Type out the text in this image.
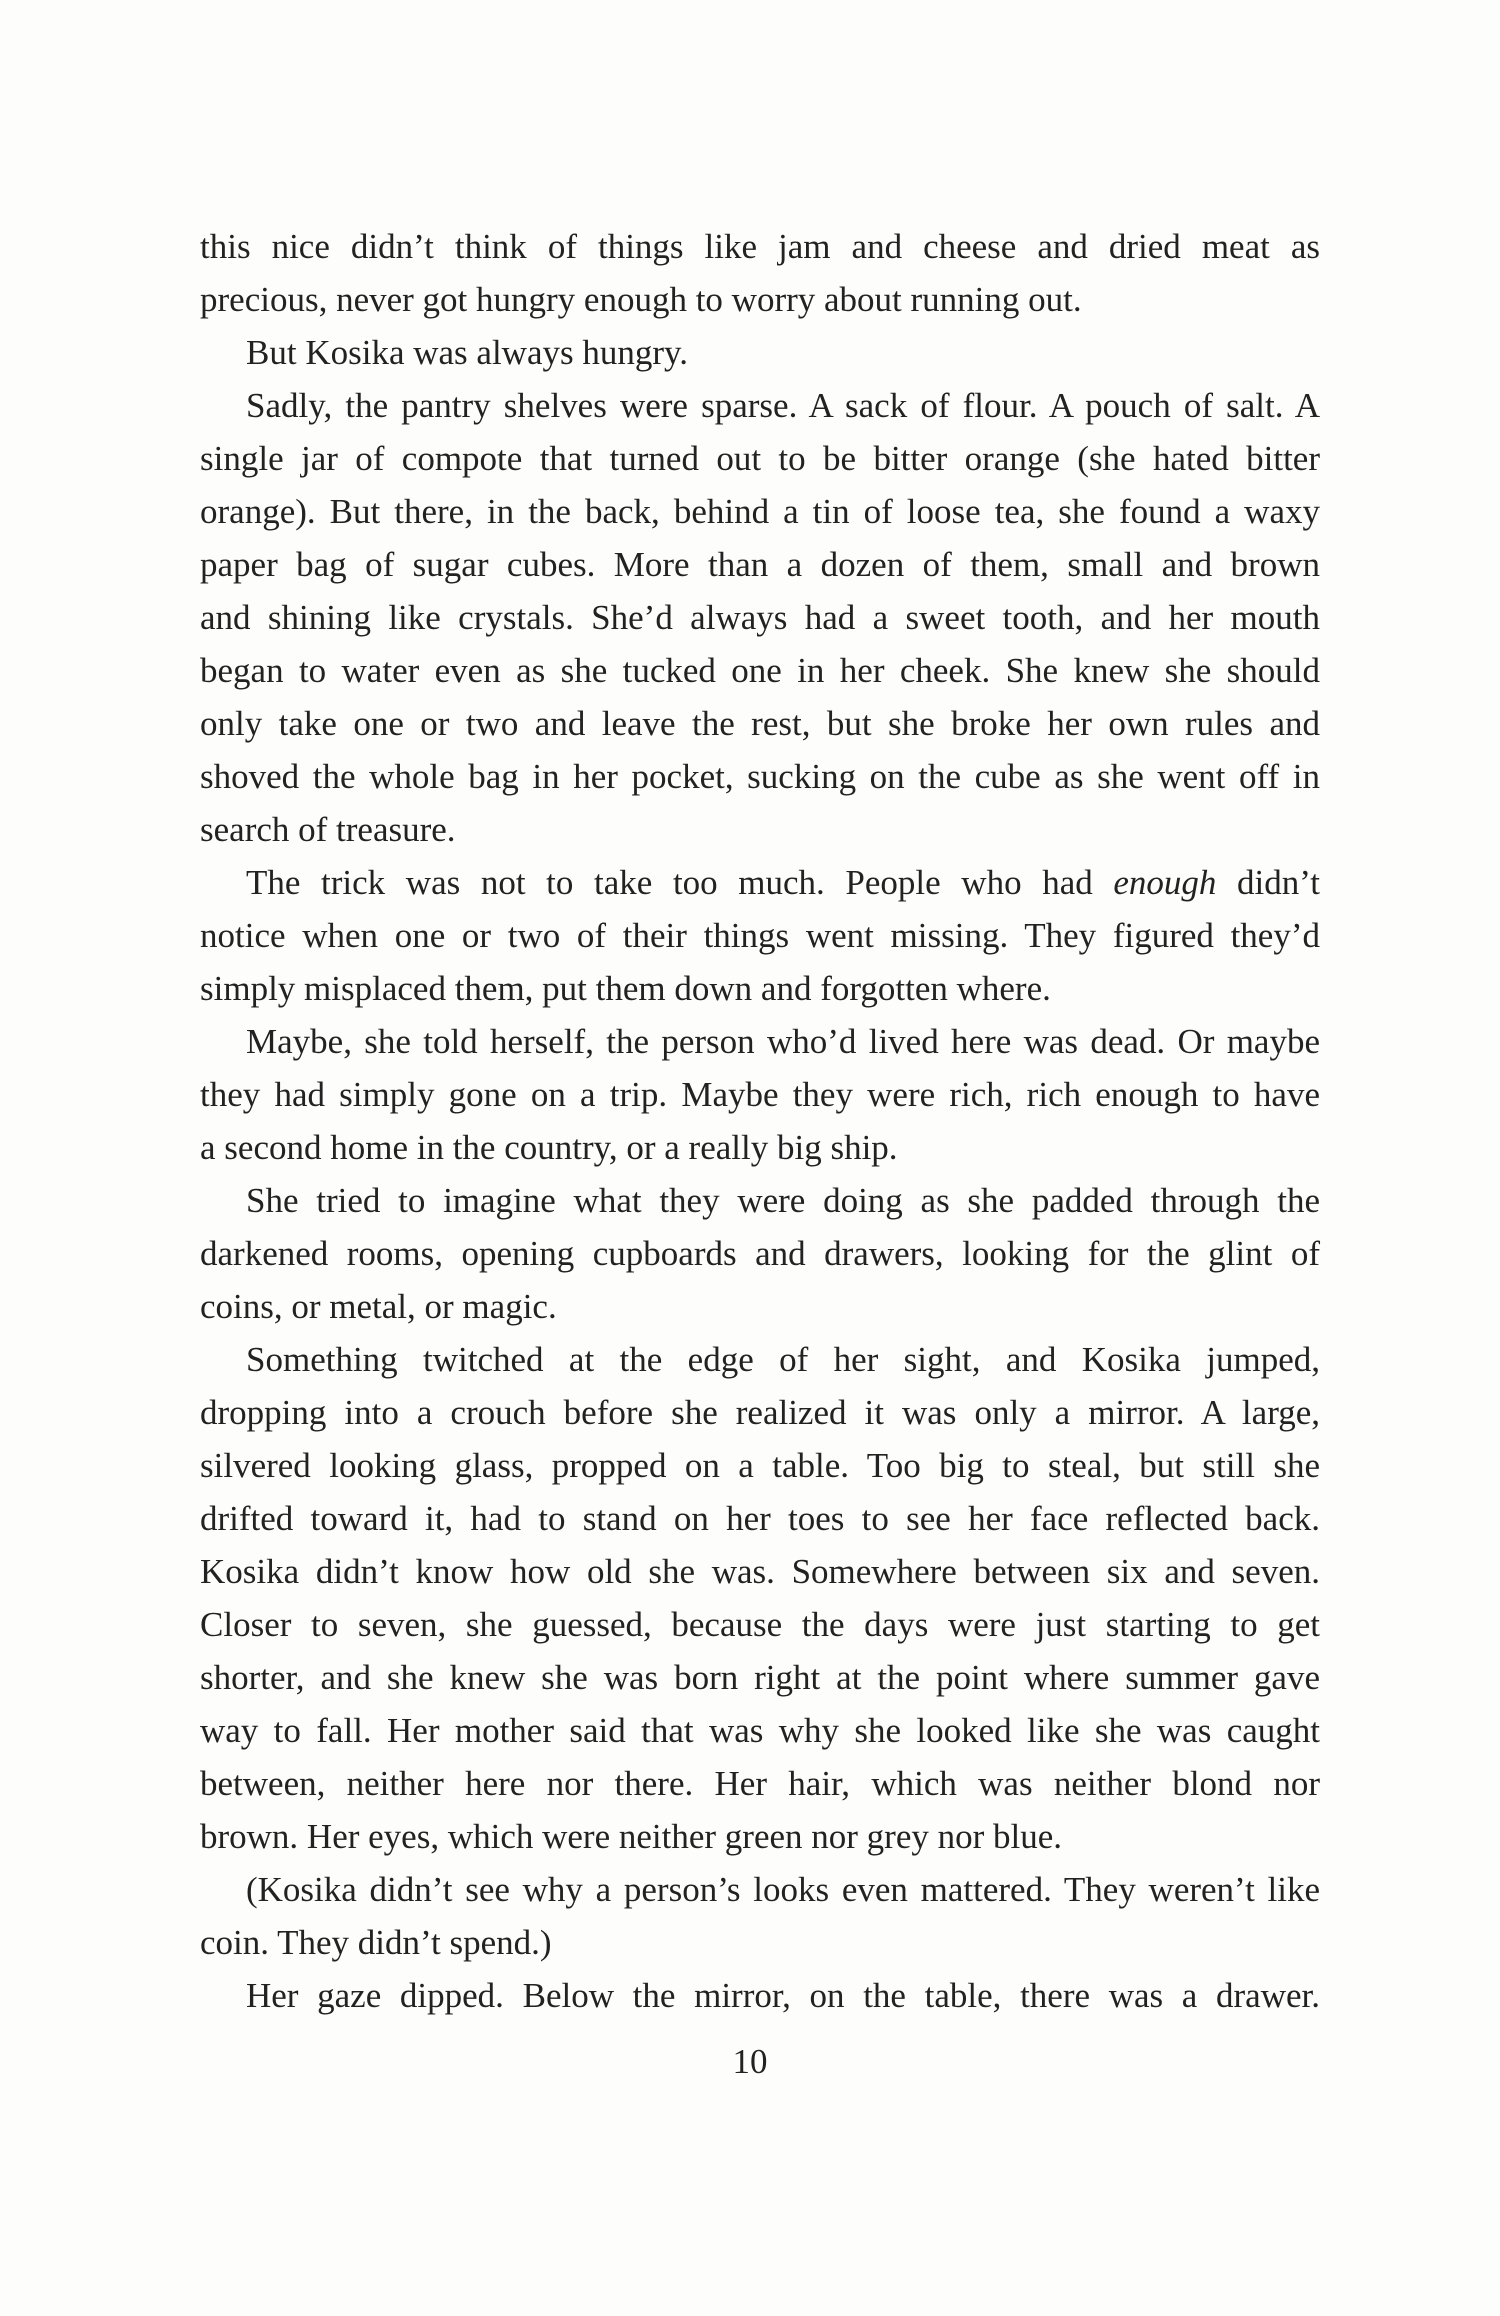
this nice didn’t think of things like jam and cheese and dried meat as
precious, never got hungry enough to worry about running out.
But Kosika was always hungry.
Sadly, the pantry shelves were sparse. A sack of flour. A pouch of salt. A
single jar of compote that turned out to be bitter orange (she hated bitter
orange). But there, in the back, behind a tin of loose tea, she found a waxy
paper bag of sugar cubes. More than a dozen of them, small and brown
and shining like crystals. She’d always had a sweet tooth, and her mouth
began to water even as she tucked one in her cheek. She knew she should
only take one or two and leave the rest, but she broke her own rules and
shoved the whole bag in her pocket, sucking on the cube as she went off in
search of treasure.
The trick was not to take too much. People who had enough didn’t
notice when one or two of their things went missing. They figured they’d
simply misplaced them, put them down and forgotten where.
Maybe, she told herself, the person who’d lived here was dead. Or maybe
they had simply gone on a trip. Maybe they were rich, rich enough to have
a second home in the country, or a really big ship.
She tried to imagine what they were doing as she padded through the
darkened rooms, opening cupboards and drawers, looking for the glint of
coins, or metal, or magic.
Something twitched at the edge of her sight, and Kosika jumped,
dropping into a crouch before she realized it was only a mirror. A large,
silvered looking glass, propped on a table. Too big to steal, but still she
drifted toward it, had to stand on her toes to see her face reflected back.
Kosika didn’t know how old she was. Somewhere between six and seven.
Closer to seven, she guessed, because the days were just starting to get
shorter, and she knew she was born right at the point where summer gave
way to fall. Her mother said that was why she looked like she was caught
between, neither here nor there. Her hair, which was neither blond nor
brown. Her eyes, which were neither green nor grey nor blue.
(Kosika didn’t see why a person’s looks even mattered. They weren’t like
coin. They didn’t spend.)
Her gaze dipped. Below the mirror, on the table, there was a drawer.
10
